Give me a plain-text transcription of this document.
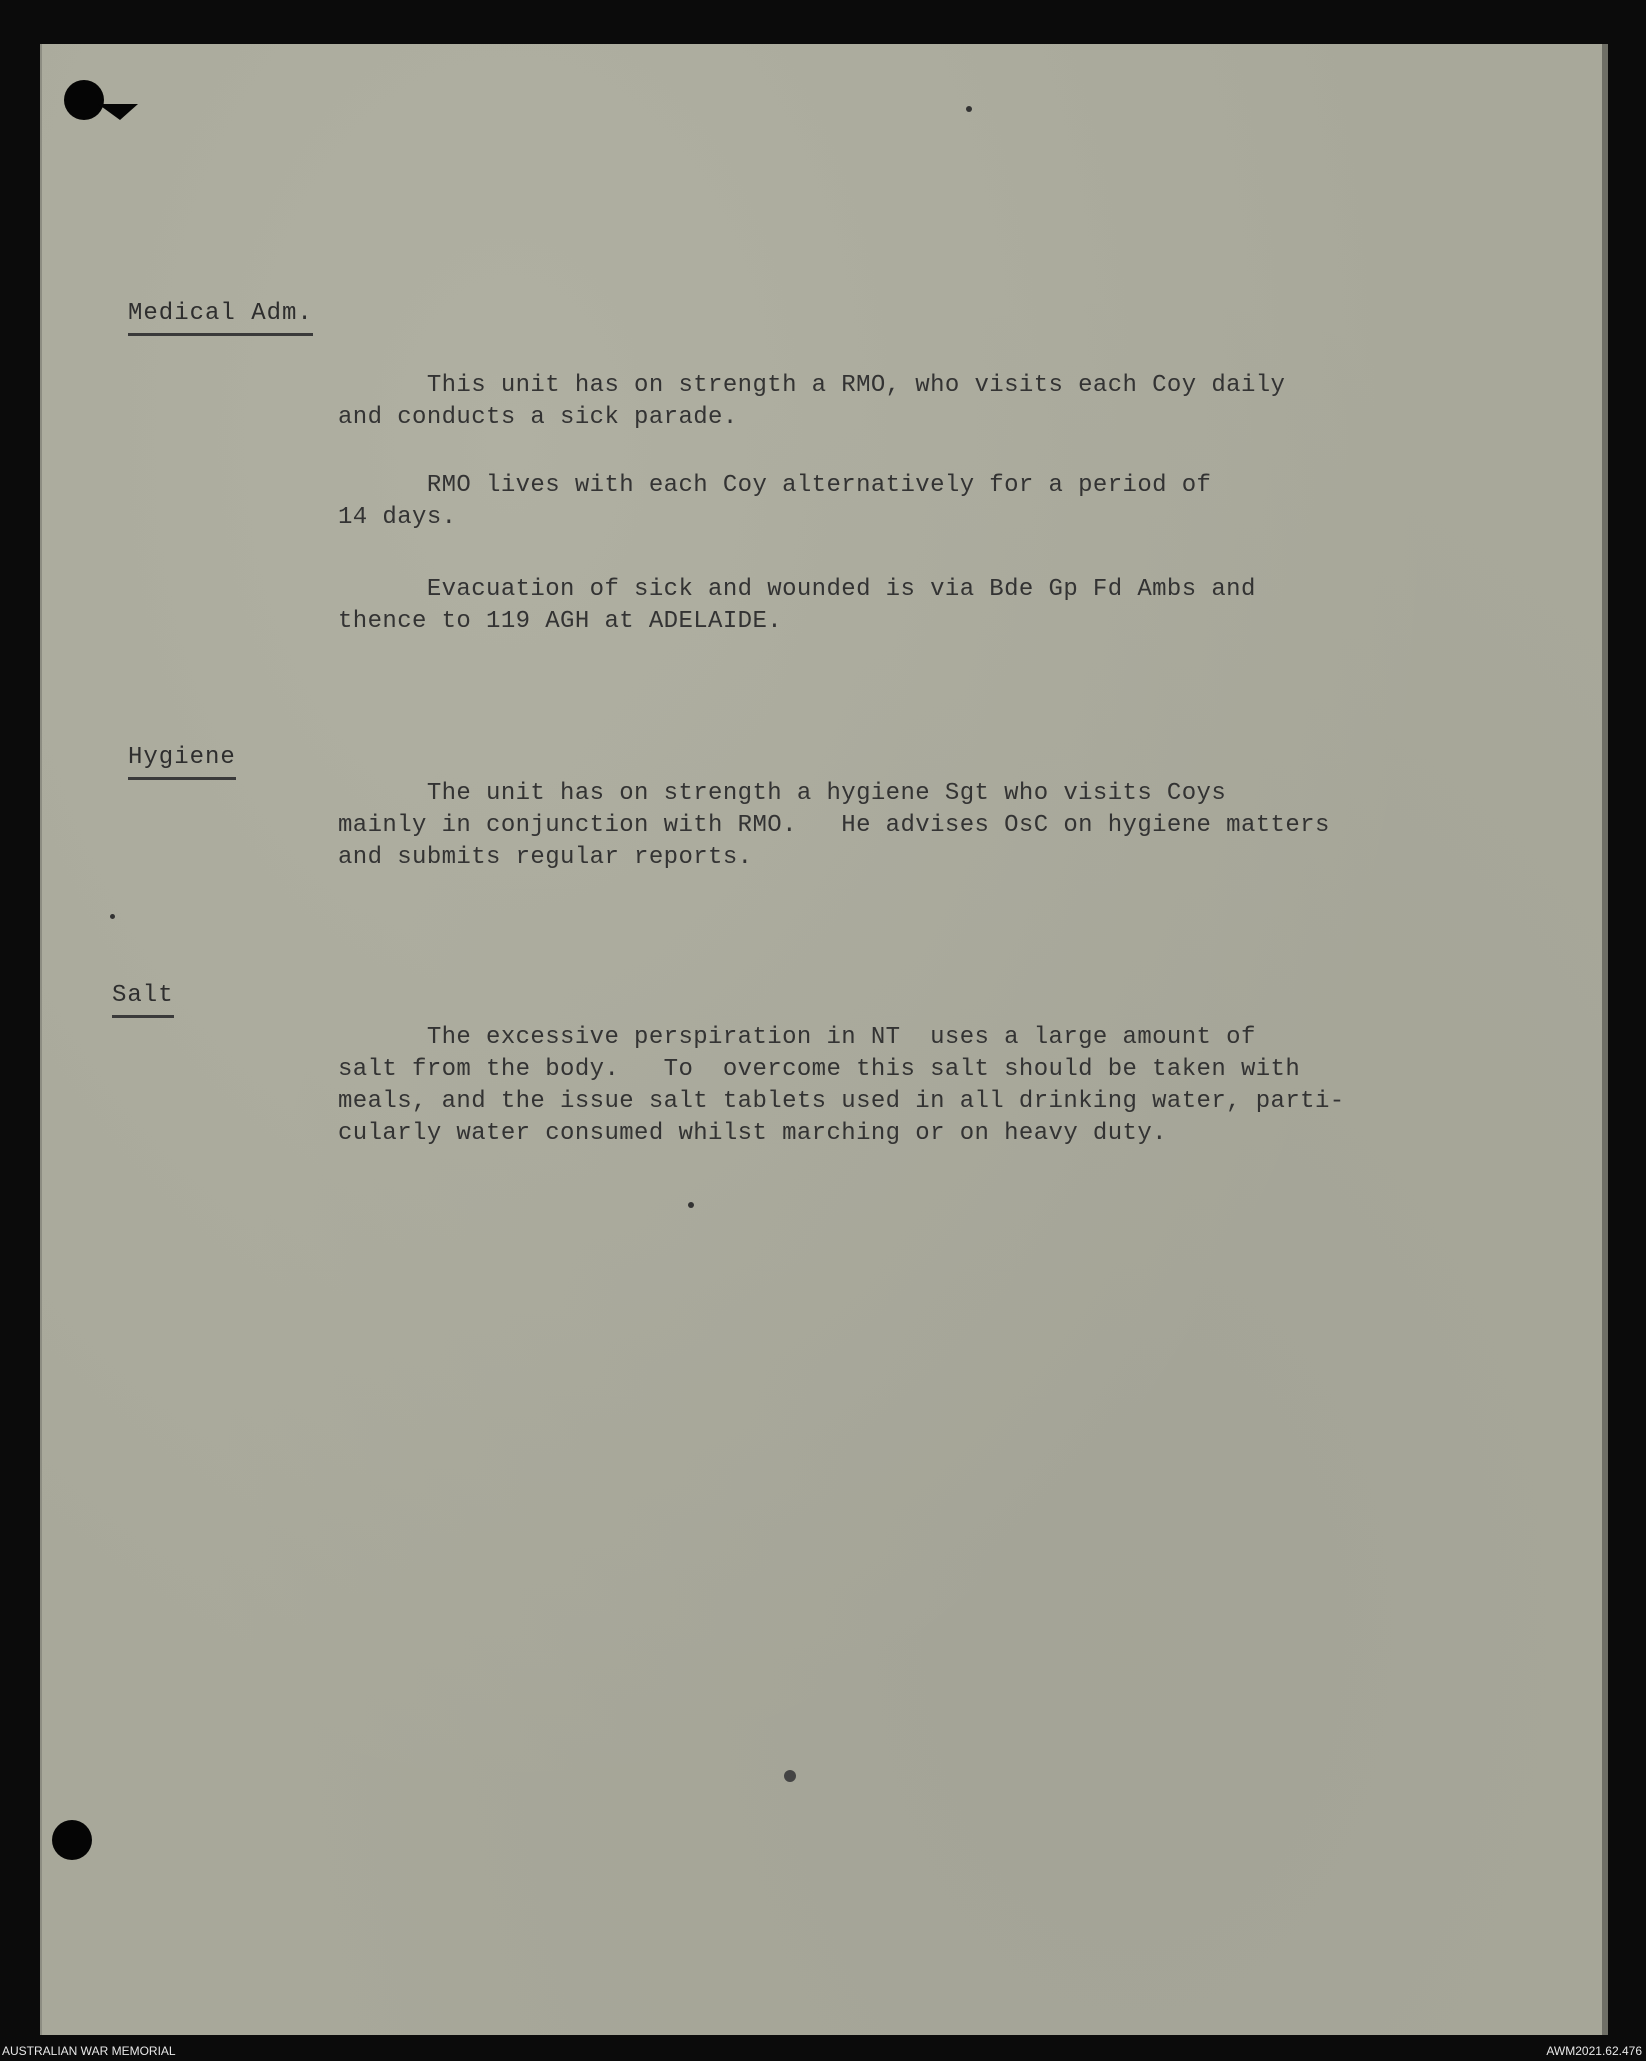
Medical Adm.
This unit has on strength a RMO, who visits each Coy daily
and conducts a sick parade.
RMO lives with each Coy alternatively for a period of
14 days.
Evacuation of sick and wounded is via Bde Gp Fd Ambs and
thence to 119 AGH at ADELAIDE.
Hygiene
The unit has on strength a hygiene Sgt who visits Coys
mainly in conjunction with RMO.   He advises OsC on hygiene matters
and submits regular reports.
Salt
The excessive perspiration in NT  uses a large amount of
salt from the body.   To  overcome this salt should be taken with
meals, and the issue salt tablets used in all drinking water, parti-
cularly water consumed whilst marching or on heavy duty.
AUSTRALIAN WAR MEMORIAL	AWM2021.62.476
